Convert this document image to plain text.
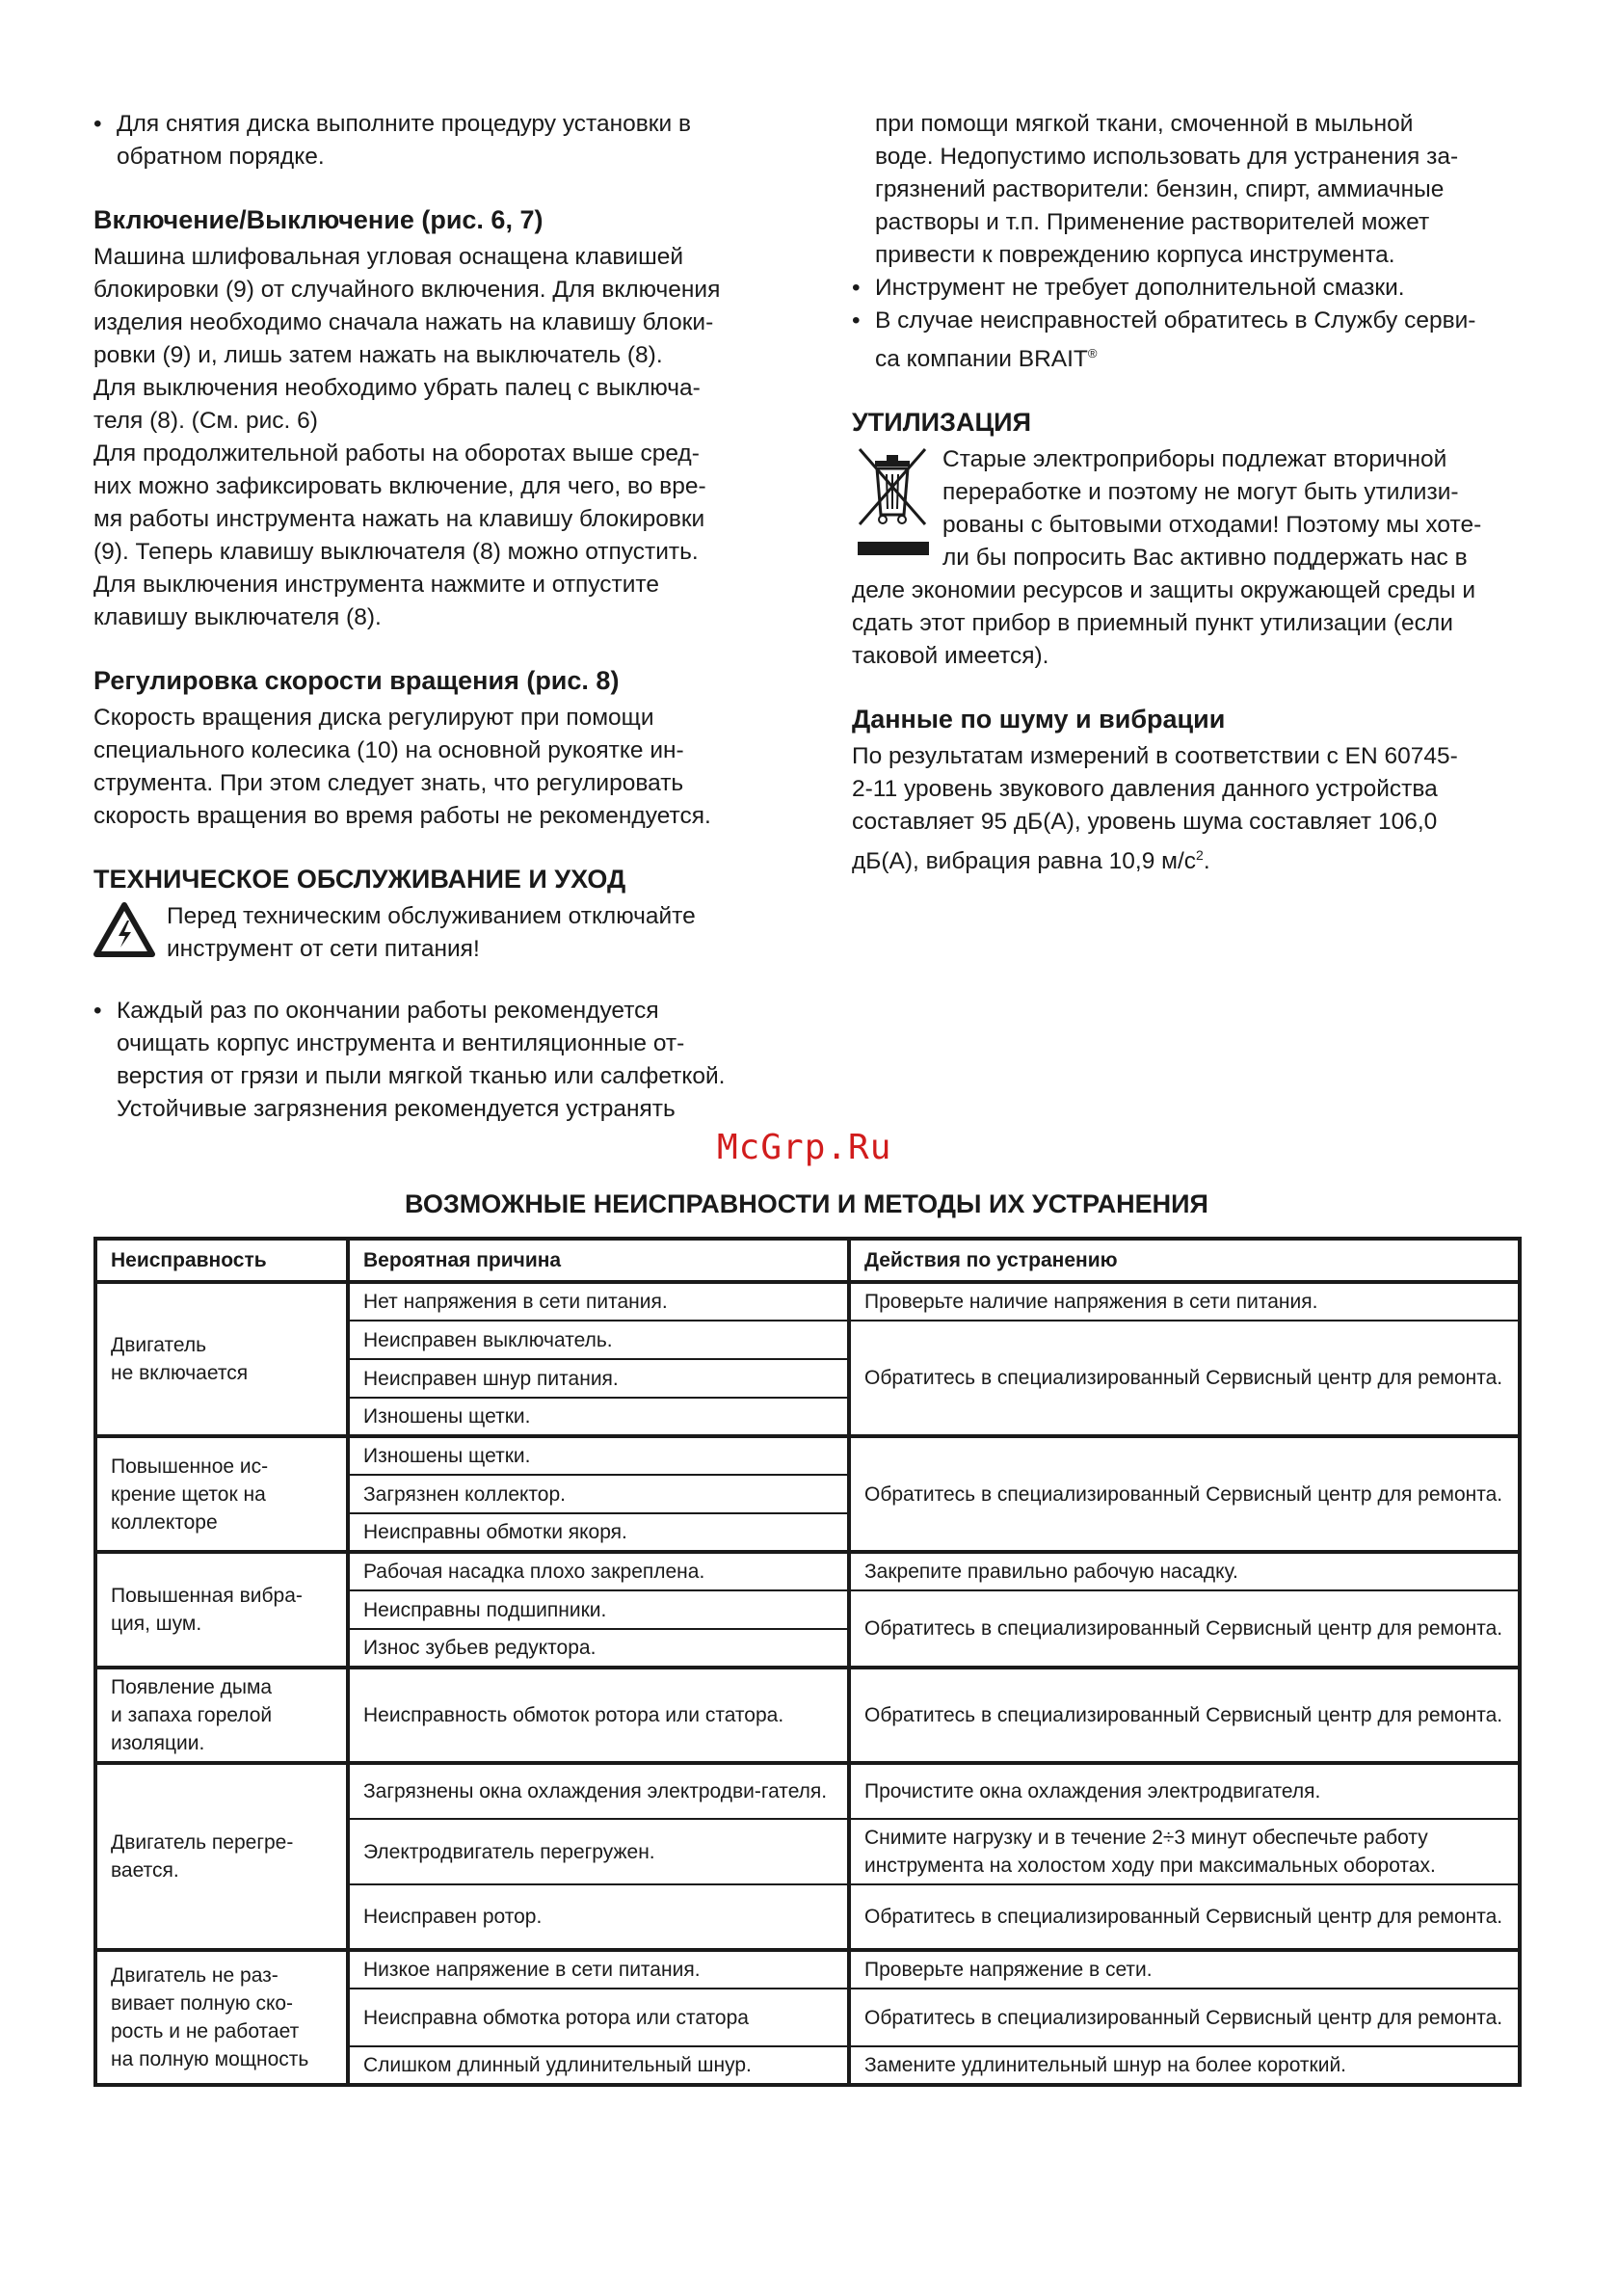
• Для снятия диска выполните процедуру установки в обратном порядке.

Включение/Выключение (рис. 6, 7)

Машина шлифовальная угловая оснащена клавишей

блокировки (9) от случайного включения. Для включения

изделия необходимо сначала нажать на клавишу блоки-

ровки (9) и, лишь затем нажать на выключатель (8).

Для выключения необходимо убрать палец с выключа-

теля (8). (См. рис. 6)

Для продолжительной работы на оборотах выше сред-

них можно зафиксировать включение, для чего, во вре-

мя работы инструмента нажать на клавишу блокировки

(9). Теперь клавишу выключателя (8) можно отпустить.

Для выключения инструмента нажмите и отпустите

клавишу выключателя (8).

Регулировка скорости вращения (рис. 8)

Скорость вращения диска регулируют при помощи

специального колесика (10) на основной рукоятке ин-

струмента. При этом следует знать, что регулировать

скорость вращения во время работы не рекомендуется.

ТЕХНИЧЕСКОЕ ОБСЛУЖИВАНИЕ И УХОД

Перед техническим обслуживанием отключайте

инструмент от сети питания!

• Каждый раз по окончании работы рекомендуется

очищать корпус инструмента и вентиляционные от-

верстия от грязи и пыли мягкой тканью или салфеткой.

Устойчивые загрязнения рекомендуется устранять

при помощи мягкой ткани, смоченной в мыльной

воде. Недопустимо использовать для устранения за-

грязнений растворители: бензин, спирт, аммиачные

растворы и т.п. Применение растворителей может

привести к повреждению корпуса инструмента.

• Инструмент не требует дополнительной смазки.

• В случае неисправностей обратитесь в Службу серви-

са компании BRAIT®

УТИЛИЗАЦИЯ

Старые электроприборы подлежат вторичной

переработке и поэтому не могут быть утилизи-

рованы с бытовыми отходами! Поэтому мы хоте-

ли бы попросить Вас активно поддержать нас в

деле экономии ресурсов и защиты окружающей среды и

сдать этот прибор в приемный пункт утилизации (если

таковой имеется).

Данные по шуму и вибрации

По результатам измерений в соответствии с EN 60745-

2-11 уровень звукового давления данного устройства

составляет 95 дБ(A), уровень шума составляет 106,0

дБ(A), вибрация равна 10,9 $м/с^2$.

McGrp.Ru
ВОЗМОЖНЫЕ НЕИСПРАВНОСТИ И МЕТОДЫ ИХ УСТРАНЕНИЯ
Неисправность	Вероятная причина	Действия по устранению

Двигатель
не включается	Нет напряжения в сети питания.	Проверьте наличие напряжения в сети питания.
	Неисправен выключатель.	Обратитесь в специализированный Сервисный центр для ремонта.
	Неисправен шнур питания.	
	Изношены щетки.	

Повышенное ис-
крение щеток на
коллекторе	Изношены щетки.	Обратитесь в специализированный Сервисный центр для ремонта.
	Загрязнен коллектор.	
	Неисправны обмотки якоря.	

Повышенная вибра-
ция, шум.	Рабочая насадка плохо закреплена.	Закрепите правильно рабочую насадку.
	Неисправны подшипники.	Обратитесь в специализированный Сервисный центр для ремонта.
	Износ зубьев редуктора.	

Появление дыма
и запаха горелой
изоляции.	Неисправность обмоток ротора или статора.	Обратитесь в специализированный Сервисный центр для ремонта.

Двигатель перегре-
вается.	Загрязнены окна охлаждения электродви-гателя.	Прочистите окна охлаждения электродвигателя.
	Электродвигатель перегружен.	Снимите нагрузку и в течение 2÷3 минут обеспечьте работу инструмента на холостом ходу при максимальных оборотах.
	Неисправен ротор.	Обратитесь в специализированный Сервисный центр для ремонта.

Двигатель не раз-
вивает полную ско-
рость и не работает
на полную мощность	Низкое напряжение в сети питания.	Проверьте напряжение в сети.
	Неисправна обмотка ротора или статора	Обратитесь в специализированный Сервисный центр для ремонта.
	Слишком длинный удлинительный шнур.	Замените удлинительный шнур на более короткий.
